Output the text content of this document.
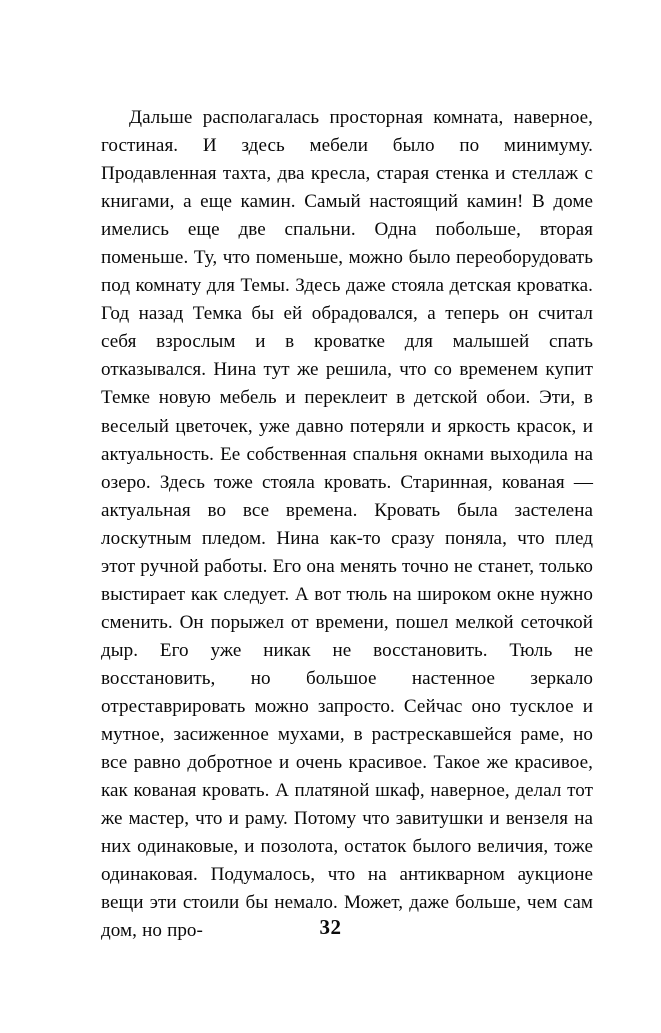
Дальше располагалась просторная комната, наверное, гостиная. И здесь мебели было по минимуму. Продавленная тахта, два кресла, старая стенка и стеллаж с книгами, а еще камин. Самый настоящий камин! В доме имелись еще две спальни. Одна побольше, вторая поменьше. Ту, что поменьше, можно было переоборудовать под комнату для Темы. Здесь даже стояла детская кроватка. Год назад Темка бы ей обрадовался, а теперь он считал себя взрослым и в кроватке для малышей спать отказывался. Нина тут же решила, что со временем купит Темке новую мебель и переклеит в детской обои. Эти, в веселый цветочек, уже давно потеряли и яркость красок, и актуальность. Ее собственная спальня окнами выходила на озеро. Здесь тоже стояла кровать. Старинная, кованая — актуальная во все времена. Кровать была застелена лоскутным пледом. Нина как-то сразу поняла, что плед этот ручной работы. Его она менять точно не станет, только выстирает как следует. А вот тюль на широком окне нужно сменить. Он порыжел от времени, пошел мелкой сеточкой дыр. Его уже никак не восстановить. Тюль не восстановить, но большое настенное зеркало отреставрировать можно запросто. Сейчас оно тусклое и мутное, засиженное мухами, в растрескавшейся раме, но все равно добротное и очень красивое. Такое же красивое, как кованая кровать. А платяной шкаф, наверное, делал тот же мастер, что и раму. Потому что завитушки и вензеля на них одинаковые, и позолота, остаток былого величия, тоже одинаковая. Подумалось, что на антикварном аукционе вещи эти стоили бы немало. Может, даже больше, чем сам дом, но про-	32
